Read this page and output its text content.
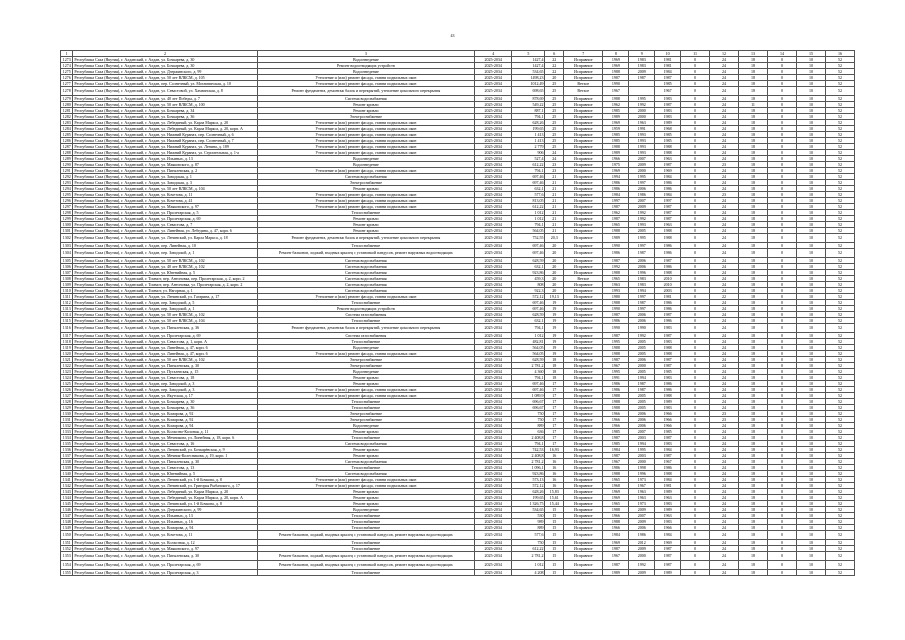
43
1	2	3	4	5	6	7	8	9	10	11	12	13	14	15	16
1273	Республика Саха (Якутия), г. Алданский, г. Алдан, ул. Бочкарева, д. 30	Водоотведение	2025-2034	1427,4	22	Исправное	1969	1983	1981	0	24	18	0	10	52
1274	Республика Саха (Якутия), г. Алданский, г. Алдан, ул. Бочкарева, д. 30	Ремонт водоотводящих устройств	2025-2034	1427,4	22	Исправное	1969	1983	1981	0	24	18	0	10	52
1275	Республика Саха (Якутия), г. Алданский, г. Алдан, ул. Дзержинского, д. 99	Водоотведение	2025-2034	534,65	22	Исправное	1988	2009	1984	0	24	18	0	10	52
1276	Республика Саха (Якутия), г. Алданский, г. Алдан, ул. 50 лет ВЛКСМ, д. 105	Утепление и (или) ремонт фасада, ставни подвальных окон	2025-2034	1498,23	20	Исправное	1987	1987	1987	0	24	18	0	10	52
1277	Республика Саха (Якутия), г. Алданский, г. Алдан, пер. Солнечный, ул. Мохнатинская, д. 10	Утепление и (или) ремонт фасада, ставни подвальных окон	2025-2034	1012,49	25	Ветхое	1990		1985	0	24	18	0	10	52
1278	Республика Саха (Якутия), г. Алданский, г. Алдан, ул. Севастовой, ул. Хамзинская, д. 8	Ремонт фундамента, демонтаж балок и перекрытий, утепление цокольного перекрытия	2025-2034	698,65	25	Ветхое	1967		1967	0	24	18	0	10	52
1279	Республика Саха (Якутия), г. Алданский, г. Алдан, ул. 40 лет Победы, д. 7	Система водоснабжения	2025-2034	878,69	25	Исправное	1988	1995	1983	0	24	18	0	10	52
1280	Республика Саха (Якутия), г. Алданский, г. Алдан, ул. 50 лет ВЛКСМ, д. 100	Ремонт кровли	2025-2034	549,22	25	Исправное	1962	1992	1987	0	24	11	0	10	52
1281	Республика Саха (Якутия), г. Алданский, г. Алдан, ул. Бочкарева, д. 34	Ремонт кровли	2025-2034	887,1	25	Исправное	1985	2000	1983	0	24	18	0	10	52
1282	Республика Саха (Якутия), г. Алданский, г. Алдан, ул. Бочкарева, д. 36	Электроснабжение	2025-2034	794,1	25	Исправное	1989	2000	1983	0	24	18	0	10	52
1283	Республика Саха (Якутия), г. Алданский, г. Алдан, ул. Лебединый, ул. Карла Маркса, д. 20	Утепление и (или) ремонт фасада, ставни подвальных окон	2025-2034	628,26	25	Исправное	1969	1963	1989	0	24	18	0	10	52
1284	Республика Саха (Якутия), г. Алданский, г. Алдан, ул. Лебединый, ул. Карла Маркса, д. 20, корп. А	Утепление и (или) ремонт фасада, ставни подвальных окон	2025-2034	199,65	25	Исправное	1959	1991	1968	0	24	18	0	10	52
1285	Республика Саха (Якутия), г. Алданский, г. Алдан, ул. Нижний Куранах, пер. Солнечный, д. 6	Утепление и (или) ремонт фасада, ставни подвальных окон	2025-2034	1 413	25	Исправное	1985	1993	1985	0	24	18	0	10	52
1286	Республика Саха (Якутия), г. Алданский, г. Алдан, ул. Нижний Куранах, пер. Солнечный, д. 7	Утепление и (или) ремонт фасада, ставни подвальных окон	2025-2034	1 413	25	Исправное	1985	1993	1985	0	24	18	0	10	52
1287	Республика Саха (Якутия), г. Алданский, г. Алдан, ул. Нижний Куранах, ул. Ленина, д. 189	Утепление и (или) ремонт фасада, ставни подвальных окон	2025-2034	2 779	25	Исправное	1988	1993	1988	0	24	18	0	10	52
1288	Республика Саха (Якутия), г. Алданский, г. Алдан, ул. Нижний Куранах, ул. Строительная, д. 1-а	Утепление и (или) ремонт фасада, ставни подвальных окон	2025-2034	906	24	Исправное	1989	1993	1988	0	24	18	0	10	52
1289	Республика Саха (Якутия), г. Алданский, г. Алдан, ул. Ильиных, д. 13	Водоотведение	2025-2034	527,4	24	Исправное	1966	2007	1963	0	24	18	0	10	52
1290	Республика Саха (Якутия), г. Алданский, г. Алдан, ул. Маяковского, д. 87	Водоотведение	2025-2034	612,22	23	Исправное	1975	2009	1987	0	23	18	0	10	52
1291	Республика Саха (Якутия), г. Алданский, г. Алдан, ул. Пятылевская, д. 2	Утепление и (или) ремонт фасада, ставни подвальных окон	2025-2034	794,1	23	Исправное	1969	2000	1969	0	24	18	0	10	52
1292	Республика Саха (Якутия), г. Алданский, г. Алдан, ул. Заводская, д. 1	Система водоснабжения	2025-2034	697,46	21	Исправное	1994	1995	1984	0	24	18	0	10	52
1293	Республика Саха (Якутия), г. Алданский, г. Алдан, ул. Заводская, д. 3	Электроснабжение	2025-2034	697,46	21	Исправное	1986	1997	1986	0	24	18	0	10	52
1294	Республика Саха (Якутия), г. Алданский, г. Алдан, ул. 50 лет ВЛКСМ, д. 104	Ремонт кровли	2025-2034	632,1	21	Исправное	1986	2006	1986	0	24	18	0	10	52
1295	Республика Саха (Якутия), г. Алданский, г. Алдан, ул. Кочетова, д. 11	Утепление и (или) ремонт фасада, ставни подвальных окон	2025-2034	577,6	21	Исправное	1984	1986	1984	0	23	18	0	10	52
1296	Республика Саха (Якутия), г. Алданский, г. Алдан, ул. Кочетова, д. 41	Утепление и (или) ремонт фасада, ставни подвальных окон	2025-2034	813,05	21	Исправное	1997	2007	1997	0	24	18	0	10	52
1297	Республика Саха (Якутия), г. Алданский, г. Алдан, ул. Маяковского, д. 97	Утепление и (или) ремонт фасада, ставни подвальных окон	2025-2034	612,22	21	Исправное	1987	2009	1987	0	24	18	0	10	52
1298	Республика Саха (Якутия), г. Алданский, г. Алдан, ул. Пролетарская, д. 5	Теплоснабжение	2025-2034	1 012	21	Исправное	1962	1992	1987	0	24	18	0	10	52
1299	Республика Саха (Якутия), г. Алданский, г. Алдан, ул. Пролетарская, д. 69	Ремонт кровли	2025-2034	1 012	21	Исправное	1987	1992	1987	0	24	18	0	10	52
1300	Республика Саха (Якутия), г. Алданский, г. Алдан, ул. Севастова, д. 7	Ремонт кровли	2025-2034	794,1	21	Исправное	1965	1993	1963	0	24	18	0	10	52
1301	Республика Саха (Якутия), г. Алданский, г. Алдан, ул. Линейная, ул. Лебедина, д. 47, корп. 6	Ремонт кровли	2025-2034	564,05	21	Исправное	1988	2005	1988	0	24	18	0	10	52
1302	Республика Саха (Якутия), г. Алданский, г. Алдан, ул. Ленинский, ул. Карла Маркса, д. 18	Ремонт фундамента, демонтаж балок и перекрытий, утепление цокольного перекрытия	2025-2034	752,55	20,3	Исправное	1989	1995	1988	0	24	18	0	10	52
1303	Республика Саха (Якутия), г. Алданский, г. Алдан, пер. Линейная, д. 10	Теплоснабжение	2025-2034	697,46	20	Исправное	1990	1997	1986	0	24	18	0	10	52
1304	Республика Саха (Якутия), г. Алданский, г. Алдан, пер. Заводской, д. 1	Ремонт балконов, лоджий, входных крылец с установкой пандусов, ремонт наружных водоотводящих	2025-2034	697,46	20	Исправное	1986	1987	1986	0	24	18	0	10	52
1305	Республика Саха (Якутия), г. Алданский, г. Алдан, ул. 50 лет ВЛКСМ, д. 102	Система водоснабжения	2025-2034	628,59	20	Исправное	1987	2006	1987	0	24	18	0	10	52
1306	Республика Саха (Якутия), г. Алданский, г. Алдан, ул. 40 лет ВЛКСМ, д. 102	Система водоснабжения	2025-2034	632,1	20	Исправное	1992	2006	1986	0	24	18	0	10	52
1307	Республика Саха (Якутия), г. Алданский, г. Алдан, ул. Ювенийная, д. 5	Система водоснабжения	2025-2034	923,86	20	Исправное	1988	1996	1988	0	24	18	0	10	52
1308	Республика Саха (Якутия), г. Алданский, г. Томмот, пер. Антоновка, пер. Пролетарская, д. 2, корп. 2	Система водоснабжения	2025-2034	459,3	20	Ветхое	1965	1983	2010	0	24	18	0	10	52
1309	Республика Саха (Якутия), г. Алданский, г. Томмот, пер. Антоновка, ул. Пролетарская, д. 2, корп. 2	Система водоснабжения	2025-2034	808	20	Исправное	1963	1983	2010	0	24	18	0	10	52
1310	Республика Саха (Якутия), г. Алданский, г. Томмот, ул. Нагорная, д. 1	Система водоснабжения	2025-2034	922,3	20	Исправное	1993	1994	2003	0	24	18	0	10	52
1311	Республика Саха (Якутия), г. Алданский, г. Алдан, ул. Ленинский, ул. Гагарина, д. 17	Утепление и (или) ремонт фасада, ставни подвальных окон	2025-2034	572,12	19,13	Исправное	1980	1997	1981	0	22	18	0	10	52
1312	Республика Саха (Якутия), г. Алданский, г. Алдан, пер. Заводской, д. 5	Теплоснабжение	2025-2034	697,46	19	Исправное	1988	1987	1986	0	24	18	0	10	52
1313	Республика Саха (Якутия), г. Алданский, г. Алдан, пер. Заводской, д. 1	Ремонт водоотводящих устройств	2025-2034	697,46	19	Исправное	1990	1997	1986	0	24	18	0	10	52
1314	Республика Саха (Якутия), г. Алданский, г. Алдан, ул. 50 лет ВЛКСМ, д. 102	Система газоснабжения	2025-2034	628,59	19	Исправное	1987	2006	1987	0	24	18	0	10	52
1315	Республика Саха (Якутия), г. Алданский, г. Алдан, ул. 50 лет ВЛКСМ, д. 104	Теплоснабжение	2025-2034	632,1	19	Исправное	1986	2006	1986	0	24	18	0	10	52
1316	Республика Саха (Якутия), г. Алданский, г. Алдан, ул. Пятылевская, д. 36	Ремонт фундамента, демонтаж балок и перекрытий, утепление цокольного перекрытия	2025-2034	794,1	19	Исправное	1990	1990	1983	0	24	18	0	10	52
1317	Республика Саха (Якутия), г. Алданский, г. Алдан, ул. Пролетарская, д. 69	Система газоснабжения	2025-2034	1 012	19	Исправное	1987	1992	1987	0	24	18	0	10	52
1318	Республика Саха (Якутия), г. Алданский, г. Алдан, ул. Севастова, д. 1, корп. А	Теплоснабжение	2025-2034	482,81	19	Исправное	1995	2005	1983	0	24	18	0	10	52
1319	Республика Саха (Якутия), г. Алданский, г. Алдан, ул. Линейная, д. 47, корп. 6	Водоотведение	2025-2034	564,05	19	Исправное	1988	2005	1988	0	24	18	0	10	52
1320	Республика Саха (Якутия), г. Алданский, г. Алдан, ул. Линейная, д. 47, корп. 6	Утепление и (или) ремонт фасада, ставни подвальных окон	2025-2034	564,05	19	Исправное	1988	2005	1988	0	24	18	0	10	52
1321	Республика Саха (Якутия), г. Алданский, г. Алдан, ул. 50 лет ВЛКСМ, д. 102	Электроснабжение	2025-2034	628,59	18	Исправное	1987	2006	1987	0	24	18	0	10	52
1322	Республика Саха (Якутия), г. Алданский, г. Алдан, ул. Пятылевская, д. 30	Электроснабжение	2025-2034	2 781,2	18	Исправное	1967	2000	1987	0	24	18	0	10	52
1323	Республика Саха (Якутия), г. Алданский, г. Алдан, ул. Пугалевская, д. 15	Водоотведение	2025-2034	4 360	18	Исправное	1995	2005	1985	0	24	18	0	10	52
1324	Республика Саха (Якутия), г. Алданский, г. Алдан, ул. Севастова, д. 18	Ремонт кровли	2025-2034	794,1	18	Исправное	1991	1994	1983	0	24	18	0	10	52
1325	Республика Саха (Якутия), г. Алданский, г. Алдан, пер. Заводской, д. 3	Ремонт кровли	2025-2034	697,46	17	Исправное	1986	1987	1986	0	24	18	0	10	52
1326	Республика Саха (Якутия), г. Алданский, г. Алдан, пер. Заводской, д. 3	Утепление и (или) ремонт фасада, ставни подвальных окон	2025-2034	697,46	17	Исправное	1986	1987	1986	0	24	18	0	10	52
1327	Республика Саха (Якутия), г. Алданский, г. Алдан, ул. Якутская, д. 17	Утепление и (или) ремонт фасада, ставни подвальных окон	2025-2034	1 089,9	17	Исправное	1988	2005	1988	0	24	18	0	10	52
1328	Республика Саха (Якутия), г. Алданский, г. Алдан, ул. Бочкарева, д. 30	Теплоснабжение	2025-2034	696,67	17	Исправное	1988	2005	1989	0	24	18	0	10	52
1329	Республика Саха (Якутия), г. Алданский, г. Алдан, ул. Бочкарева, д. 36	Теплоснабжение	2025-2034	696,67	17	Исправное	1988	2005	1983	0	24	18	0	10	52
1330	Республика Саха (Якутия), г. Алданский, г. Алдан, ул. Комарова, д. 92	Электроснабжение	2025-2034	750	17	Исправное	1966	2006	1966	0	23	18	0	10	52
1331	Республика Саха (Якутия), г. Алданский, г. Алдан, ул. Комарова, д. 92	Электроснабжение	2025-2034	750	17	Исправное	1966	2006	1966	0	23	18	0	10	52
1332	Республика Саха (Якутия), г. Алданский, г. Алдан, ул. Комарова, д. 94	Водоотведение	2025-2034	889	17	Исправное	1966	2006	1966	0	24	18	0	10	52
1333	Республика Саха (Якутия), г. Алданский, г. Алдан, ул. Колхозно-Колоная, д. 11	Ремонт кровли	2025-2034	636	17	Исправное	1985	2007	1985	0	24	18	0	10	52
1334	Республика Саха (Якутия), г. Алданский, г. Алдан, ул. Мечникова, ул. Линейная, д. 18, корп. 6	Теплоснабжение	2025-2034	2 408,8	17	Исправное	1987	2003	1987	0	24	18	0	10	52
1335	Республика Саха (Якутия), г. Алданский, г. Алдан, ул. Севастова, д. 16	Система водоснабжения	2025-2034	794,1	17	Исправное	1985	1994	1983	0	24	18	0	10	52
1336	Республика Саха (Якутия), г. Алданский, г. Алдан, ул. Ленинский, ул. Бочкарёвская, д. 9	Ремонт кровли	2025-2034	742,53	16,93	Исправное	1984	1995	1984	0	24	18	0	10	52
1337	Республика Саха (Якутия), г. Алданский, г. Алдан, ул. Мечник-Колесникова, д. 19, корп. 1	Ремонт кровли	2025-2034	2 408,8	16	Исправное	1987	2003	1987	0	24	18	0	10	52
1338	Республика Саха (Якутия), г. Алданский, г. Алдан, ул. Пятылевская, д. 30	Система водоснабжения	2025-2034	2 781,2	16	Исправное	1967	2000	1967	0	24	18	0	10	52
1339	Республика Саха (Якутия), г. Алданский, г. Алдан, ул. Севастова, д. 13	Теплоснабжение	2025-2034	1 096,1	16	Исправное	1986	1998	1986	0	24	18	0	10	52
1340	Республика Саха (Якутия), г. Алданский, г. Алдан, ул. Ювенийная, д. 5	Система водоснабжения	2025-2034	923,86	16	Исправное	1988	1996	1988	0	24	18	0	10	52
1341	Республика Саха (Якутия), г. Алданский, г. Алдан, ул. Ленинский, ул. 1-й Бочкова, д. 8	Утепление и (или) ремонт фасада, ставни подвальных окон	2025-2034	573,13	16	Исправное	1965	1973	1984	0	24	18	0	10	52
1342	Республика Саха (Якутия), г. Алданский, г. Алдан, ул. Ленинский, ул. Григорья Рыбачского, д. 17	Утепление и (или) ремонт фасада, ставни подвальных окон	2025-2034	572,12	16	Исправное	1968	1967	1981	0	24	18	0	10	52
1343	Республика Саха (Якутия), г. Алданский, г. Алдан, ул. Лебединый, ул. Карла Маркса, д. 20	Ремонт кровли	2025-2034	628,26	15,83	Исправное	1969	1963	1989	0	24	18	0	10	52
1344	Республика Саха (Якутия), г. Алданский, г. Алдан, ул. Лебединый, ул. Карла Маркса, д. 20, корп. А	Ремонт кровли	2025-2034	199,65	15,61	Исправное	1969	1963	1963	0	24	18	0	10	52
1345	Республика Саха (Якутия), г. Алданский, г. Алдан, ул. Ленинский, ул. 1-й Бочкова, д. 8	Ремонт кровли	2025-2034	1 326,75	15,44	Исправное	1965	1973	1983	0	24	18	0	10	52
1346	Республика Саха (Якутия), г. Алданский, г. Алдан, ул. Дзержинского, д. 99	Водоотведение	2025-2034	534,65	15	Исправное	1988	2009	1989	0	24	18	0	10	52
1347	Республика Саха (Якутия), г. Алданский, г. Алдан, ул. Ильиных, д. 13	Теплоснабжение	2025-2034	530	15	Исправное	1966	2007	1963	0	24	18	0	10	52
1348	Республика Саха (Якутия), г. Алданский, г. Алдан, ул. Ильиных, д. 16	Теплоснабжение	2025-2034	989	15	Исправное	1988	2009	1983	0	24	18	0	10	52
1349	Республика Саха (Якутия), г. Алданский, г. Алдан, ул. Комарова, д. 94	Теплоснабжение	2025-2034	889	15	Исправное	1966	2006	1966	0	24	18	0	10	52
1350	Республика Саха (Якутия), г. Алданский, г. Алдан, ул. Кочетова, д. 11	Ремонт балконов, лоджий, входных крылец с установкой пандусов, ремонт наружных водоотводящих	2025-2034	577,6	15	Исправное	1984	1986	1984	0	24	18	0	10	52
1351	Республика Саха (Якутия), г. Алданский, г. Алдан, ул. Колхозная, д. 12	Теплоснабжение	2025-2034	750	15	Исправное	1969	2012	1969	0	24	18	0	10	52
1352	Республика Саха (Якутия), г. Алданский, г. Алдан, ул. Маяковского, д. 97	Теплоснабжение	2025-2034	612,22	15	Исправное	1987	2009	1987	0	24	18	0	10	52
1353	Республика Саха (Якутия), г. Алданский, г. Алдан, ул. Пятылевская, д. 30	Ремонт балконов, лоджий, входных крылец с установкой пандусов, ремонт наружных водоотводящих	2025-2034	2 781,2	15	Исправное	1967	2000	1987	0	24	18	0	10	52
1354	Республика Саха (Якутия), г. Алданский, г. Алдан, ул. Пролетарская, д. 69	Ремонт балконов, лоджий, входных крылец с установкой пандусов, ремонт наружных водоотводящих	2025-2034	1 012	15	Исправное	1987	1992	1987	0	24	18	0	10	52
1355	Республика Саха (Якутия), г. Алданский, г. Алдан, ул. Пролетарская, д. 3	Теплоснабжение	2025-2034	4 208	15	Исправное	1989	2009	1989	0	24	18	0	10	52
